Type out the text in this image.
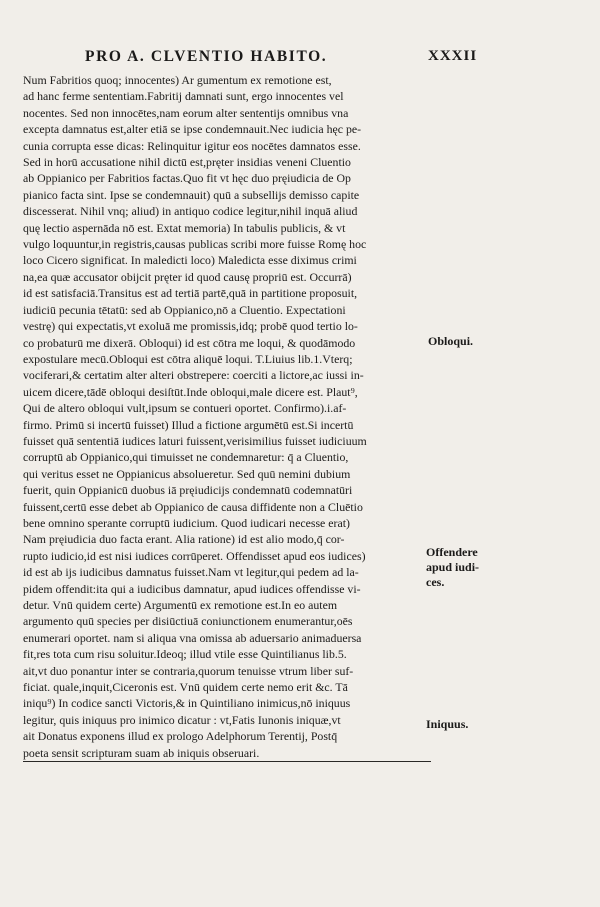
PRO A. CLVENTIO HABITO.	XXXII
Num Fabritios quoq; innocentes) Ar gumentum ex remotione est,
ad hanc ferme sententiam.Fabritij damnati sunt, ergo innocentes vel
nocentes. Sed non innocētes,nam eorum alter sententijs omnibus vna
excepta damnatus est,alter etiā se ipse condemnauit.Nec iudicia hęc pe-
cunia corrupta esse dicas: Relinquitur igitur eos nocētes damnatos esse.
Sed in horū accusatione nihil dictū est,pręter insidias veneni Cluentio
ab Oppianico per Fabritios factas.Quo fit vt hęc duo pręiudicia de Op
pianico facta sint. Ipse se condemnauit) quū a subsellijs demisso capite
discesserat. Nihil vnq; aliud) in antiquo codice legitur,nihil inquā aliud
quę lectio aspernāda nō est. Extat memoria) In tabulis publicis, & vt
vulgo loquuntur,in registris,causas publicas scribi more fuisse Romę hoc
loco Cicero significat. In maledicti loco) Maledicta esse diximus crimi
na,ea quæ accusator obijcit pręter id quod causę propriū est. Occurrā)
id est satisfaciā.Transitus est ad tertiā partē,quā in partitione proposuit,
iudiciū pecunia tētatū: sed ab Oppianico,nō a Cluentio. Expectationi
vestrę) qui expectatis,vt exoluā me promissis,idq; probē quod tertio lo-
co probaturū me dixerā. Obloqui) id est cōtra me loqui, & quodāmodo
expostulare mecū.Obloqui est cōtra aliquē loqui. T.Liuius lib.1.Vterq;
vociferari,& certatim alter alteri obstrepere: coerciti a lictore,ac iussi in-
uicem dicere,tādē obloqui desiſtūt.Inde obloqui,male dicere est. Plaut⁹,
Qui de altero obloqui vult,ipsum se contueri oportet. Confirmo).i.af-
firmo. Primū si incertū fuisset) Illud a fictione argumētū est.Si incertū
fuisset quā sententiā iudices laturi fuissent,verisimilius fuisset iudiciuum
corruptū ab Oppianico,qui timuisset ne condemnaretur: q̄ a Cluentio,
qui veritus esset ne Oppianicus absolueretur. Sed quū nemini dubium
fuerit, quin Oppianicū duobus iā pręiudicijs condemnatū codemnatūri
fuissent,certū esse debet ab Oppianico de causa diffidente non a Cluētio
bene omnino sperante corruptū iudicium. Quod iudicari necesse erat)
Nam pręiudicia duo facta erant. Alia ratione) id est alio modo,q̄ cor-
rupto iudicio,id est nisi iudices corrūperet. Offendisset apud eos iudices)
id est ab ijs iudicibus damnatus fuisset.Nam vt legitur,qui pedem ad la-
pidem offendit:ita qui a iudicibus damnatur, apud iudices offendisse vi-
detur. Vnū quidem certe) Argumentū ex remotione est.In eo autem
argumento quū species per disiūctiuā coniunctionem enumerantur,oēs
enumerari oportet. nam si aliqua vna omissa ab aduersario animaduersa
fit,res tota cum risu soluitur.Ideoq; illud vtile esse Quintilianus lib.5.
ait,vt duo ponantur inter se contraria,quorum tenuisse vtrum liber suf-
ficiat. quale,inquit,Ciceronis est. Vnū quidem certe nemo erit &c. Tā
iniqu⁹) In codice sancti Victoris,& in Quintiliano inimicus,nō iniquus
legitur, quis iniquus pro inimico dicatur : vt,Fatis Iunonis iniquæ,vt
ait Donatus exponens illud ex prologo Adelphorum Terentij, Postq̄
poeta sensit scripturam suam ab iniquis obseruari.
Obloqui.
Offendere
apud iudi-
ces.
Iniquus.
